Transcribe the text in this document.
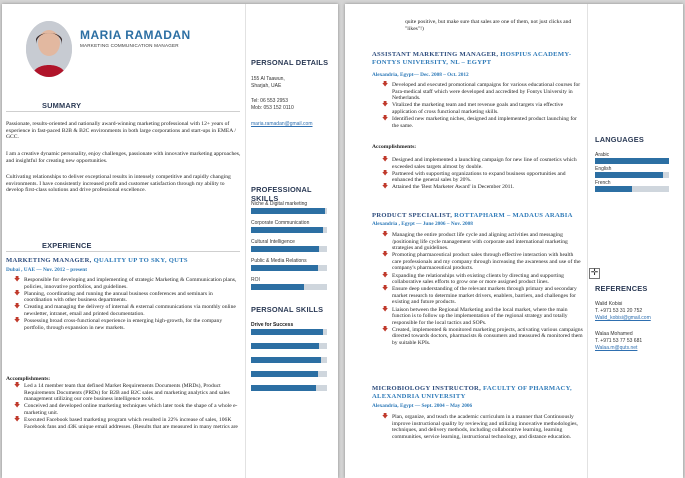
MARIA RAMADAN
MARKETING COMMUNICATION MANAGER
SUMMARY
Passionate, results-oriented and nationally award-winning marketing professional with 12+ years of experience in fast-paced B2B & B2C environments in both large corporations and start-ups in EMEA / GCC.
I am a creative dynamic personality, enjoy challenges, passionate with innovative marketing approaches, and insightful for creating new opportunities.
Cultivating relationships to deliver exceptional results in intensely competitive and rapidly changing environments. I have consistently increased profit and customer satisfaction through my ability to develop first-class solutions and drive professional excellence.
EXPERIENCE
MARKETING MANAGER, QUALITY UP TO SKY, QUTS
Dubai , UAE — Nov. 2012 – present
🡇 Responsible for developing and implementing of strategic Marketing & Communication plans, policies, innovative portfolios, and guidelines.
🡇 Planning, coordinating and running the annual business conferences and seminars in coordination with other business departments.
🡇 Creating and managing the delivery of internal & external communications via monthly online newsletter, intranet, email and printed documentation.
🡇 Possessing broad cross-functional experience in emerging high-growth, for the company portfolio, through expansion in new markets.
Accomplishments:
🡇 Led a 14 member team that defined Market Requirements Documents (MRDs), Product Requirements Documents (PRDs) for B2B and B2C sales and marketing analytics and sales management utilizing our core business intelligence tools.
🡇 Conceived and developed online marketing techniques which later took the shape of a whole e- marketing unit.
🡇 Executed Facebook based marketing program which resulted in 22% increase of sales, 106K Facebook fans and 43K unique email addresses. (Results that are measured in many metrics are
PERSONAL DETAILS
155 Al Taawun,
Sharjah, UAE
Tel: 06 553 2953
Mob: 053 152 0110
maria.ramadan@gmail.com
PROFESSIONAL SKILLS
Niche & Digital marketing
Corporate Communication
Cultural Intelligence
Public & Media Relations
ROI
PERSONAL SKILLS
Drive for Success
quite positive, but make sure that sales are one of them, not just clicks and "likes"!)
ASSISTANT MARKETING MANAGER, HOSPIUS ACADEMY-FONTYS UNIVERSITY, NL – EGYPT
Alexandria, Egypt— Dec. 2008 – Oct. 2012
🡇 Developed and executed promotional campaigns for various educational courses for Para-medical staff which were developed and accredited by Fontys University in Netherlands.
🡇 Vitalized the marketing team and met revenue goals and targets via effective application of cross functional marketing skills.
🡇 Identified new marketing niches, designed and implemented product launching for the same.
Accomplishments:
🡇 Designed and implemented a launching campaign for new line of cosmetics which exceeded sales targets almost by double.
🡇 Partnered with supporting organizations to expand business opportunities and enhanced the general sales by 20%.
🡇 Attained the 'Best Marketer Award' in December 2011.
PRODUCT SPECIALIST, ROTTAPHARM – MADAUS ARABIA
Alexandria , Egypt — June 2006 – Nov. 2008
🡇 Managing the entire product life cycle and aligning activities and messaging /positioning life cycle management with corporate and international marketing strategies and guidelines.
🡇 Promoting pharmaceutical product sales through effective interaction with health care professionals and my company through increasing the awareness and use of the company's pharmaceutical products.
🡇 Expanding the relationships with existing clients by directing and supporting collaborative sales efforts to grow one or more assigned product lines.
🡇 Ensure deep understanding of the relevant markets through primary and secondary market research to determine market drivers, enablers, barriers, and challenges for existing and future products.
🡇 Liaison between the Regional Marketing and the local market, where the main function is to follow up the implementation of the regional strategy and totally responsible for the local tactics and SOPs.
🡇 Created, implemented & monitored marketing projects, activating various campaigns directed towards doctors, pharmacists & consumers and measured & monitored them by suitable KPIs.
✛
MICROBIOLOGY INSTRUCTOR, FACULTY OF PHARMACY, ALEXANDRIA UNIVERSITY
Alexandria, Egypt — Sept. 2004 – May 2006
🡇 Plan, organize, and teach the academic curriculum in a manner that Continuously improve instructional quality by reviewing and utilizing innovative methodologies, techniques, and delivery methods, including collaborative learning, learning communities, service learning, instructional technology, and distance education.
LANGUAGES
Arabic
English
French
REFERENCES
Walid Kobisi
T. +971 53 31 20 752
Walid_kobisi@gmail.com
Walaa Mohamed
T. +971 53 77 53 681
Walaa.m@quts.net
